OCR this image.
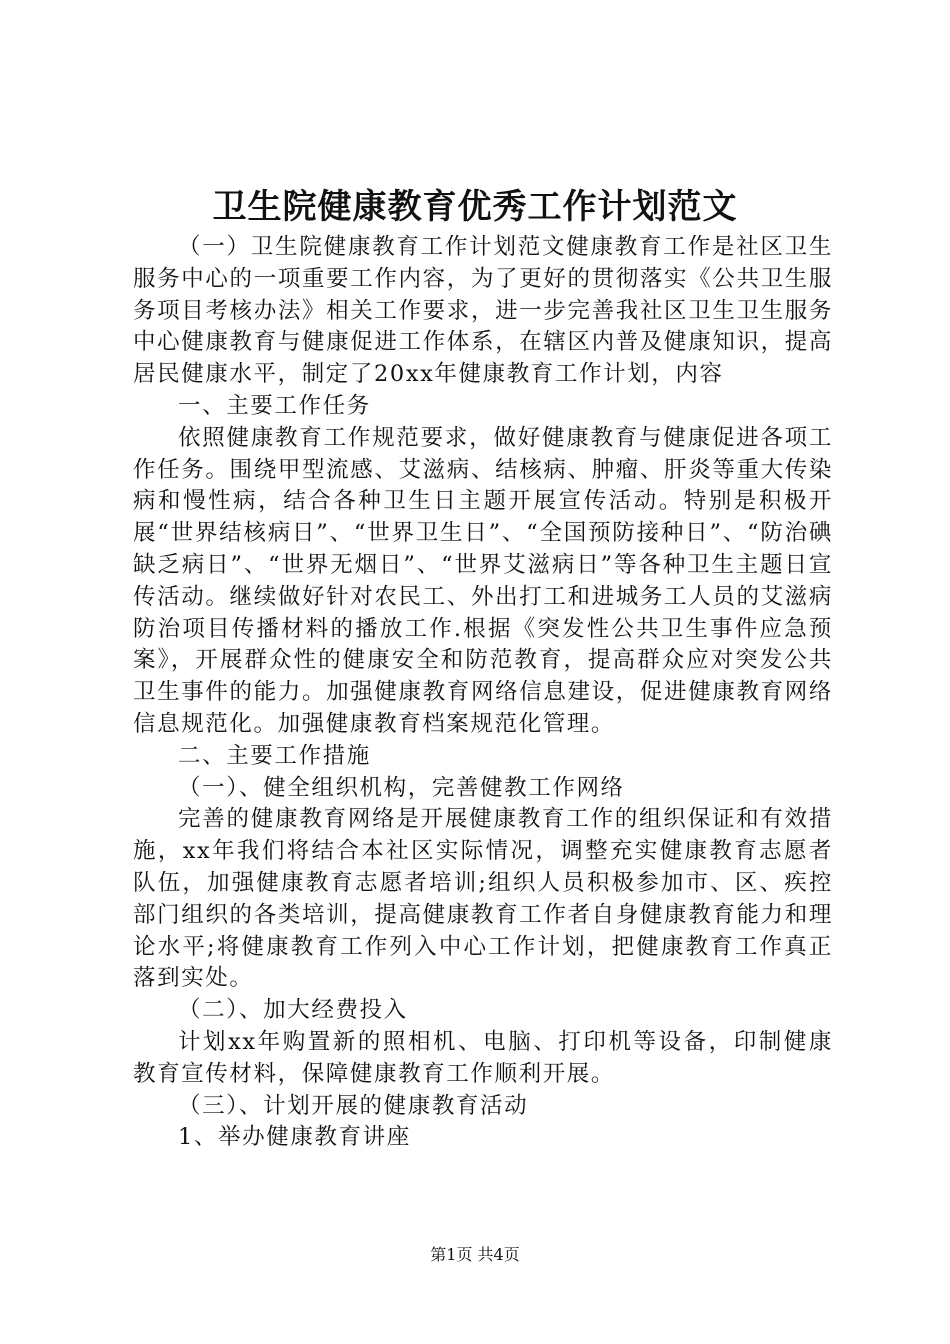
卫生院健康教育优秀工作计划范文

（一）卫生院健康教育工作计划范文健康教育工作是社区卫生服务中心的一项重要工作内容，为了更好的贯彻落实《公共卫生服务项目考核办法》相关工作要求，进一步完善我社区卫生卫生服务中心健康教育与健康促进工作体系，在辖区内普及健康知识，提高居民健康水平，制定了20xx年健康教育工作计划，内容

一、主要工作任务

依照健康教育工作规范要求，做好健康教育与健康促进各项工作任务。围绕甲型流感、艾滋病、结核病、肿瘤、肝炎等重大传染病和慢性病，结合各种卫生日主题开展宣传活动。特别是积极开展“世界结核病日”、“世界卫生日”、“全国预防接种日”、“防治碘缺乏病日”、“世界无烟日”、“世界艾滋病日”等各种卫生主题日宣传活动。继续做好针对农民工、外出打工和进城务工人员的艾滋病防治项目传播材料的播放工作.根据《突发性公共卫生事件应急预案》，开展群众性的健康安全和防范教育，提高群众应对突发公共卫生事件的能力。加强健康教育网络信息建设，促进健康教育网络信息规范化。加强健康教育档案规范化管理。

二、主要工作措施

（一）、健全组织机构，完善健教工作网络

完善的健康教育网络是开展健康教育工作的组织保证和有效措施，xx年我们将结合本社区实际情况，调整充实健康教育志愿者队伍，加强健康教育志愿者培训;组织人员积极参加市、区、疾控部门组织的各类培训，提高健康教育工作者自身健康教育能力和理论水平;将健康教育工作列入中心工作计划，把健康教育工作真正落到实处。

（二）、加大经费投入

计划xx年购置新的照相机、电脑、打印机等设备，印制健康教育宣传材料，保障健康教育工作顺利开展。

（三）、计划开展的健康教育活动

1、举办健康教育讲座

第1页 共4页
